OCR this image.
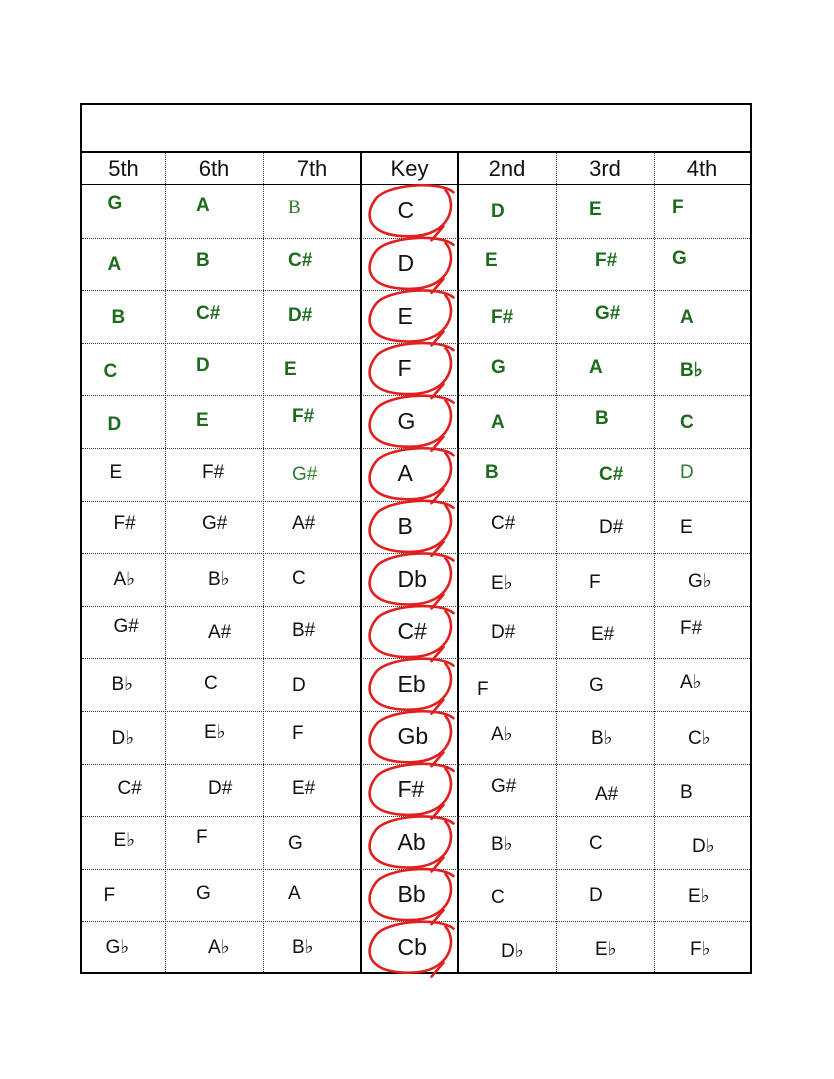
5th	6th	7th	Key	2nd	3rd	4th
G	A	B	C	D	E	F
A	B	C#	D	E	F#	G
B	C#	D#	E	F#	G#	A
C	D	E	F	G	A	B♭
D	E	F#	G	A	B	C
E	F#	G#	A	B	C#	D
F#	G#	A#	B	C#	D#	E
A♭	B♭	C	Db	E♭	F	G♭
G#	A#	B#	C#	D#	E#	F#
B♭	C	D	Eb	F	G	A♭
D♭	E♭	F	Gb	A♭	B♭	C♭
C#	D#	E#	F#	G#	A#	B
E♭	F	G	Ab	B♭	C	D♭
F	G	A	Bb	C	D	E♭
G♭	A♭	B♭	Cb	D♭	E♭	F♭
